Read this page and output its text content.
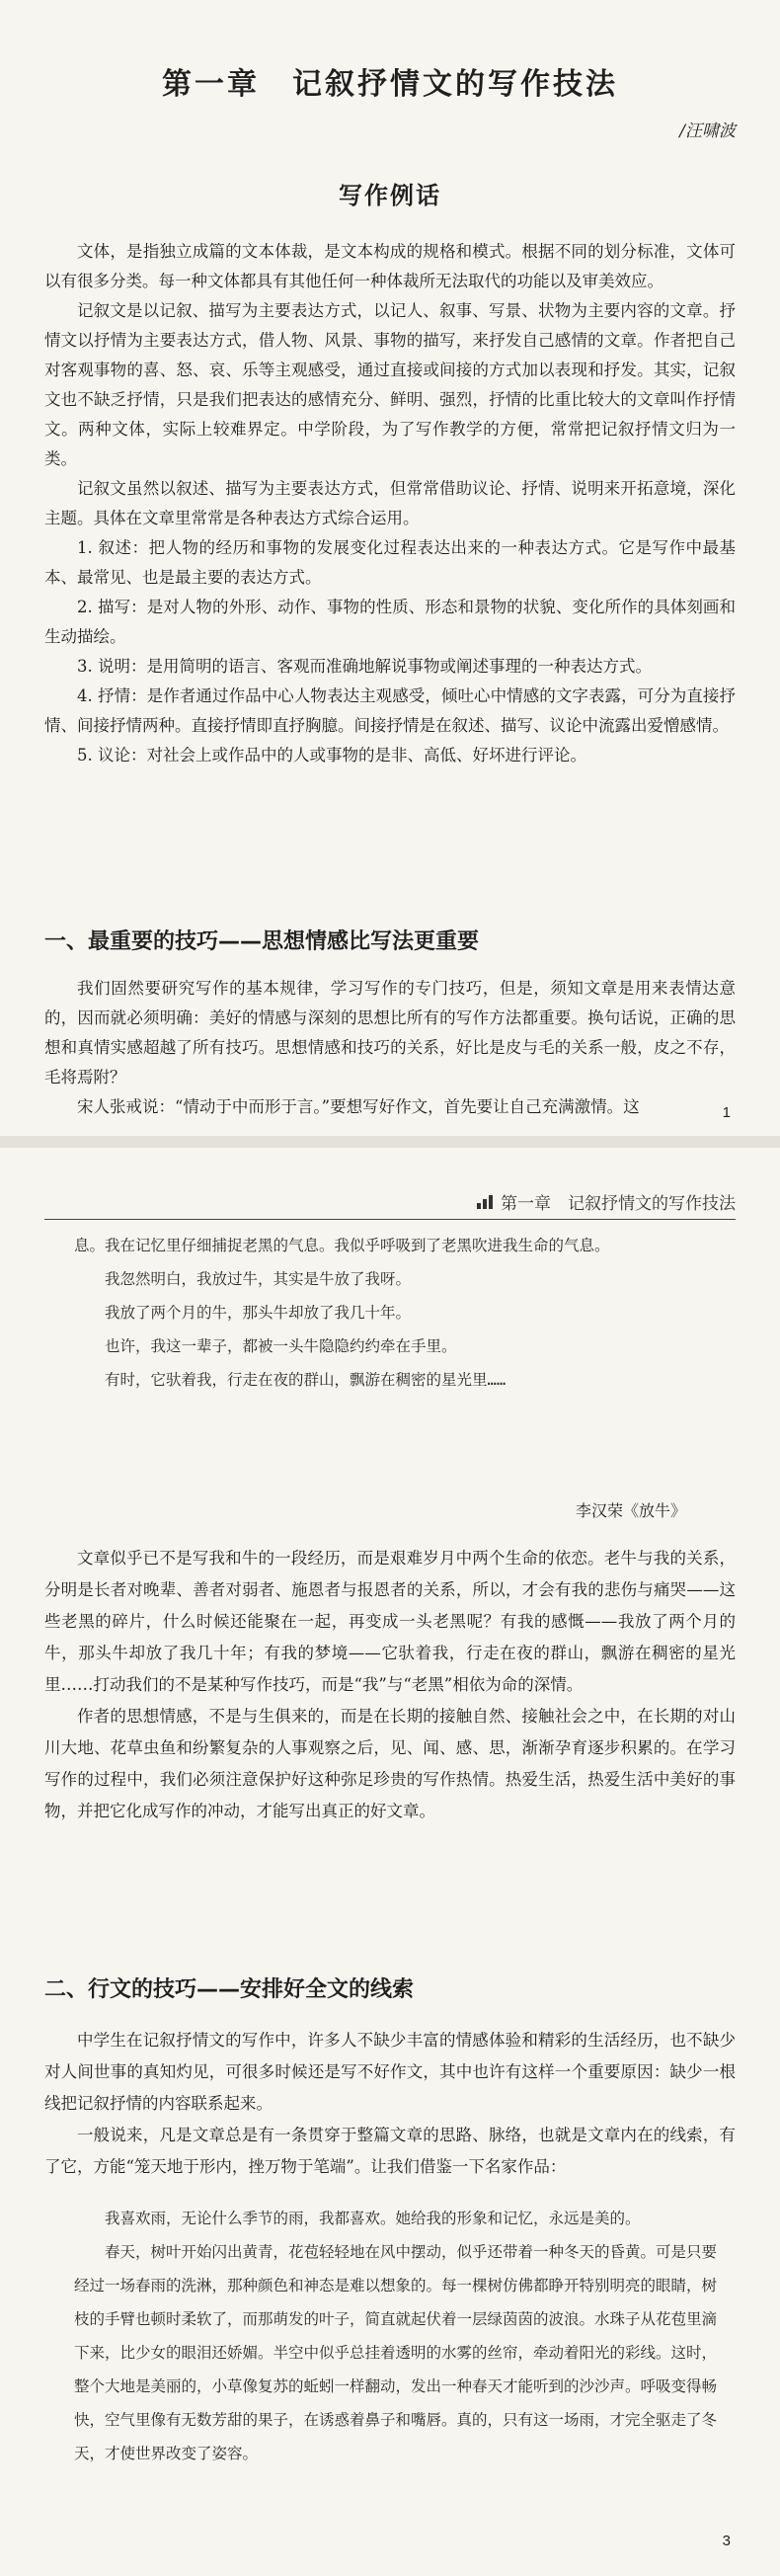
第一章　记叙抒情文的写作技法
/汪啸波
写作例话

文体，是指独立成篇的文本体裁，是文本构成的规格和模式。根据不同的划分标准，文体可以有很多分类。每一种文体都具有其他任何一种体裁所无法取代的功能以及审美效应。

记叙文是以记叙、描写为主要表达方式，以记人、叙事、写景、状物为主要内容的文章。抒情文以抒情为主要表达方式，借人物、风景、事物的描写，来抒发自己感情的文章。作者把自己对客观事物的喜、怒、哀、乐等主观感受，通过直接或间接的方式加以表现和抒发。其实，记叙文也不缺乏抒情，只是我们把表达的感情充分、鲜明、强烈，抒情的比重比较大的文章叫作抒情文。两种文体，实际上较难界定。中学阶段，为了写作教学的方便，常常把记叙抒情文归为一类。

记叙文虽然以叙述、描写为主要表达方式，但常常借助议论、抒情、说明来开拓意境，深化主题。具体在文章里常常是各种表达方式综合运用。

1. 叙述：把人物的经历和事物的发展变化过程表达出来的一种表达方式。它是写作中最基本、最常见、也是最主要的表达方式。

2. 描写：是对人物的外形、动作、事物的性质、形态和景物的状貌、变化所作的具体刻画和生动描绘。

3. 说明：是用简明的语言、客观而准确地解说事物或阐述事理的一种表达方式。

4. 抒情：是作者通过作品中心人物表达主观感受，倾吐心中情感的文字表露，可分为直接抒情、间接抒情两种。直接抒情即直抒胸臆。间接抒情是在叙述、描写、议论中流露出爱憎感情。

5. 议论：对社会上或作品中的人或事物的是非、高低、好坏进行评论。

一、最重要的技巧——思想情感比写法更重要

我们固然要研究写作的基本规律，学习写作的专门技巧，但是，须知文章是用来表情达意的，因而就必须明确：美好的情感与深刻的思想比所有的写作方法都重要。换句话说，正确的思想和真情实感超越了所有技巧。思想情感和技巧的关系，好比是皮与毛的关系一般，皮之不存，毛将焉附？

宋人张戒说：“情动于中而形于言。”要想写好作文，首先要让自己充满激情。这	1
第一章　记叙抒情文的写作技法

息。我在记忆里仔细捕捉老黑的气息。我似乎呼吸到了老黑吹进我生命的气息。

我忽然明白，我放过牛，其实是牛放了我呀。

我放了两个月的牛，那头牛却放了我几十年。

也许，我这一辈子，都被一头牛隐隐约约牵在手里。

有时，它驮着我，行走在夜的群山，飘游在稠密的星光里……

李汉荣《放牛》

文章似乎已不是写我和牛的一段经历，而是艰难岁月中两个生命的依恋。老牛与我的关系，分明是长者对晚辈、善者对弱者、施恩者与报恩者的关系，所以，才会有我的悲伤与痛哭——这些老黑的碎片，什么时候还能聚在一起，再变成一头老黑呢？有我的感慨——我放了两个月的牛，那头牛却放了我几十年；有我的梦境——它驮着我，行走在夜的群山，飘游在稠密的星光里……打动我们的不是某种写作技巧，而是“我”与“老黑”相依为命的深情。

作者的思想情感，不是与生俱来的，而是在长期的接触自然、接触社会之中，在长期的对山川大地、花草虫鱼和纷繁复杂的人事观察之后，见、闻、感、思，渐渐孕育逐步积累的。在学习写作的过程中，我们必须注意保护好这种弥足珍贵的写作热情。热爱生活，热爱生活中美好的事物，并把它化成写作的冲动，才能写出真正的好文章。

二、行文的技巧——安排好全文的线索

中学生在记叙抒情文的写作中，许多人不缺少丰富的情感体验和精彩的生活经历，也不缺少对人间世事的真知灼见，可很多时候还是写不好作文，其中也许有这样一个重要原因：缺少一根线把记叙抒情的内容联系起来。

一般说来，凡是文章总是有一条贯穿于整篇文章的思路、脉络，也就是文章内在的线索，有了它，方能“笼天地于形内，挫万物于笔端”。让我们借鉴一下名家作品：

我喜欢雨，无论什么季节的雨，我都喜欢。她给我的形象和记忆，永远是美的。

春天，树叶开始闪出黄青，花苞轻轻地在风中摆动，似乎还带着一种冬天的昏黄。可是只要经过一场春雨的洗淋，那种颜色和神态是难以想象的。每一棵树仿佛都睁开特别明亮的眼睛，树枝的手臂也顿时柔软了，而那萌发的叶子，简直就起伏着一层绿茵茵的波浪。水珠子从花苞里滴下来，比少女的眼泪还娇媚。半空中似乎总挂着透明的水雾的丝帘，牵动着阳光的彩线。这时，整个大地是美丽的，小草像复苏的蚯蚓一样翻动，发出一种春天才能听到的沙沙声。呼吸变得畅快，空气里像有无数芳甜的果子，在诱惑着鼻子和嘴唇。真的，只有这一场雨，才完全驱走了冬天，才使世界改变了姿容。

3
